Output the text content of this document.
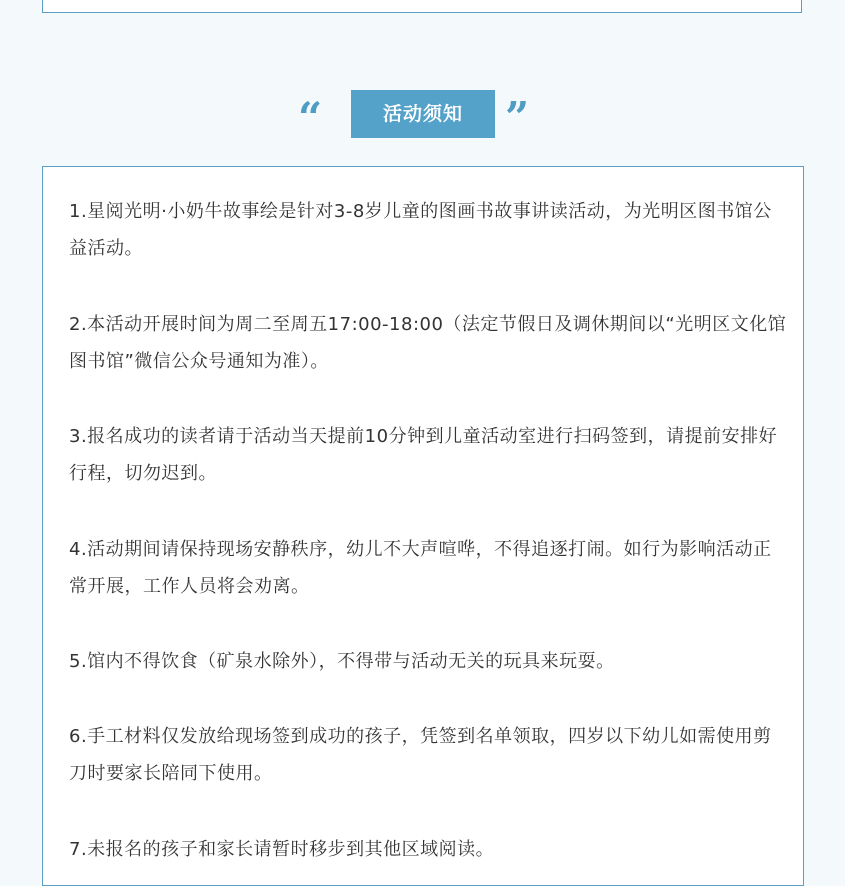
“	活动须知	”

1.星阅光明·小奶牛故事绘是针对3-8岁儿童的图画书故事讲读活动，为光明区图书馆公益活动。

2.本活动开展时间为周二至周五17:00-18:00（法定节假日及调休期间以“光明区文化馆图书馆”微信公众号通知为准）。

3.报名成功的读者请于活动当天提前10分钟到儿童活动室进行扫码签到，请提前安排好行程，切勿迟到。

4.活动期间请保持现场安静秩序，幼儿不大声喧哗，不得追逐打闹。如行为影响活动正常开展，工作人员将会劝离。

5.馆内不得饮食（矿泉水除外），不得带与活动无关的玩具来玩耍。

6.手工材料仅发放给现场签到成功的孩子，凭签到名单领取，四岁以下幼儿如需使用剪刀时要家长陪同下使用。

7.未报名的孩子和家长请暂时移步到其他区域阅读。
